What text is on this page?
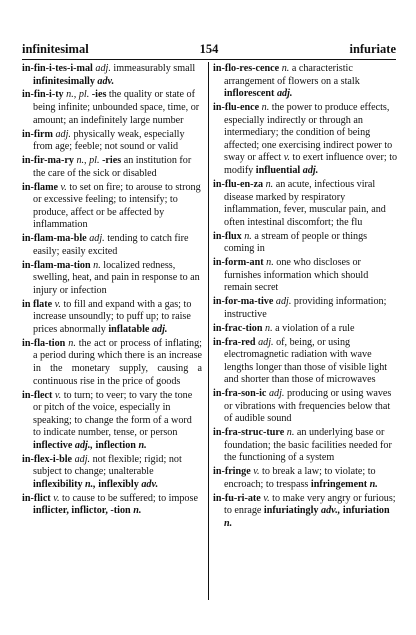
infinitesimal	154	infuriate
in-fin-i-tes-i-mal adj. immeasurably small infinitesimally adv.
in-fin-i-ty n., pl. -ies the quality or state of being infinite; unbounded space, time, or amount; an indefinitely large number
in-firm adj. physically weak, especially from age; feeble; not sound or valid
in-fir-ma-ry n., pl. -ries an institution for the care of the sick or disabled
in-flame v. to set on fire; to arouse to strong or excessive feeling; to intensify; to produce, affect or be affected by inflammation
in-flam-ma-ble adj. tending to catch fire easily; easily excited
in-flam-ma-tion n. localized redness, swelling, heat, and pain in response to an injury or infection
in flate v. to fill and expand with a gas; to increase unsoundly; to puff up; to raise prices abnormally inflatable adj.
in-fla-tion n. the act or process of inflating; a period during which there is an increase in the monetary supply, causing a continuous rise in the price of goods
in-flect v. to turn; to veer; to vary the tone or pitch of the voice, especially in speaking; to change the form of a word to indicate number, tense, or person inflective adj., inflection n.
in-flex-i-ble adj. not flexible; rigid; not subject to change; unalterable inflexibility n., inflexibly adv.
in-flict v. to cause to be suffered; to impose inflicter, inflictor, -tion n.
in-flo-res-cence n. a characteristic arrangement of flowers on a stalk inflorescent adj.
in-flu-ence n. the power to produce effects, especially indirectly or through an intermediary; the condition of being affected; one exercising indirect power to sway or affect v. to exert influence over; to modify influential adj.
in-flu-en-za n. an acute, infectious viral disease marked by respiratory inflammation, fever, muscular pain, and often intestinal discomfort; the flu
in-flux n. a stream of people or things coming in
in-form-ant n. one who discloses or furnishes information which should remain secret
in-for-ma-tive adj. providing information; instructive
in-frac-tion n. a violation of a rule
in-fra-red adj. of, being, or using electromagnetic radiation with wave lengths longer than those of visible light and shorter than those of microwaves
in-fra-son-ic adj. producing or using waves or vibrations with frequencies below that of audible sound
in-fra-struc-ture n. an underlying base or foundation; the basic facilities needed for the functioning of a system
in-fringe v. to break a law; to violate; to encroach; to trespass infringement n.
in-fu-ri-ate v. to make very angry or furious; to enrage infuriatingly adv., infuriation n.
